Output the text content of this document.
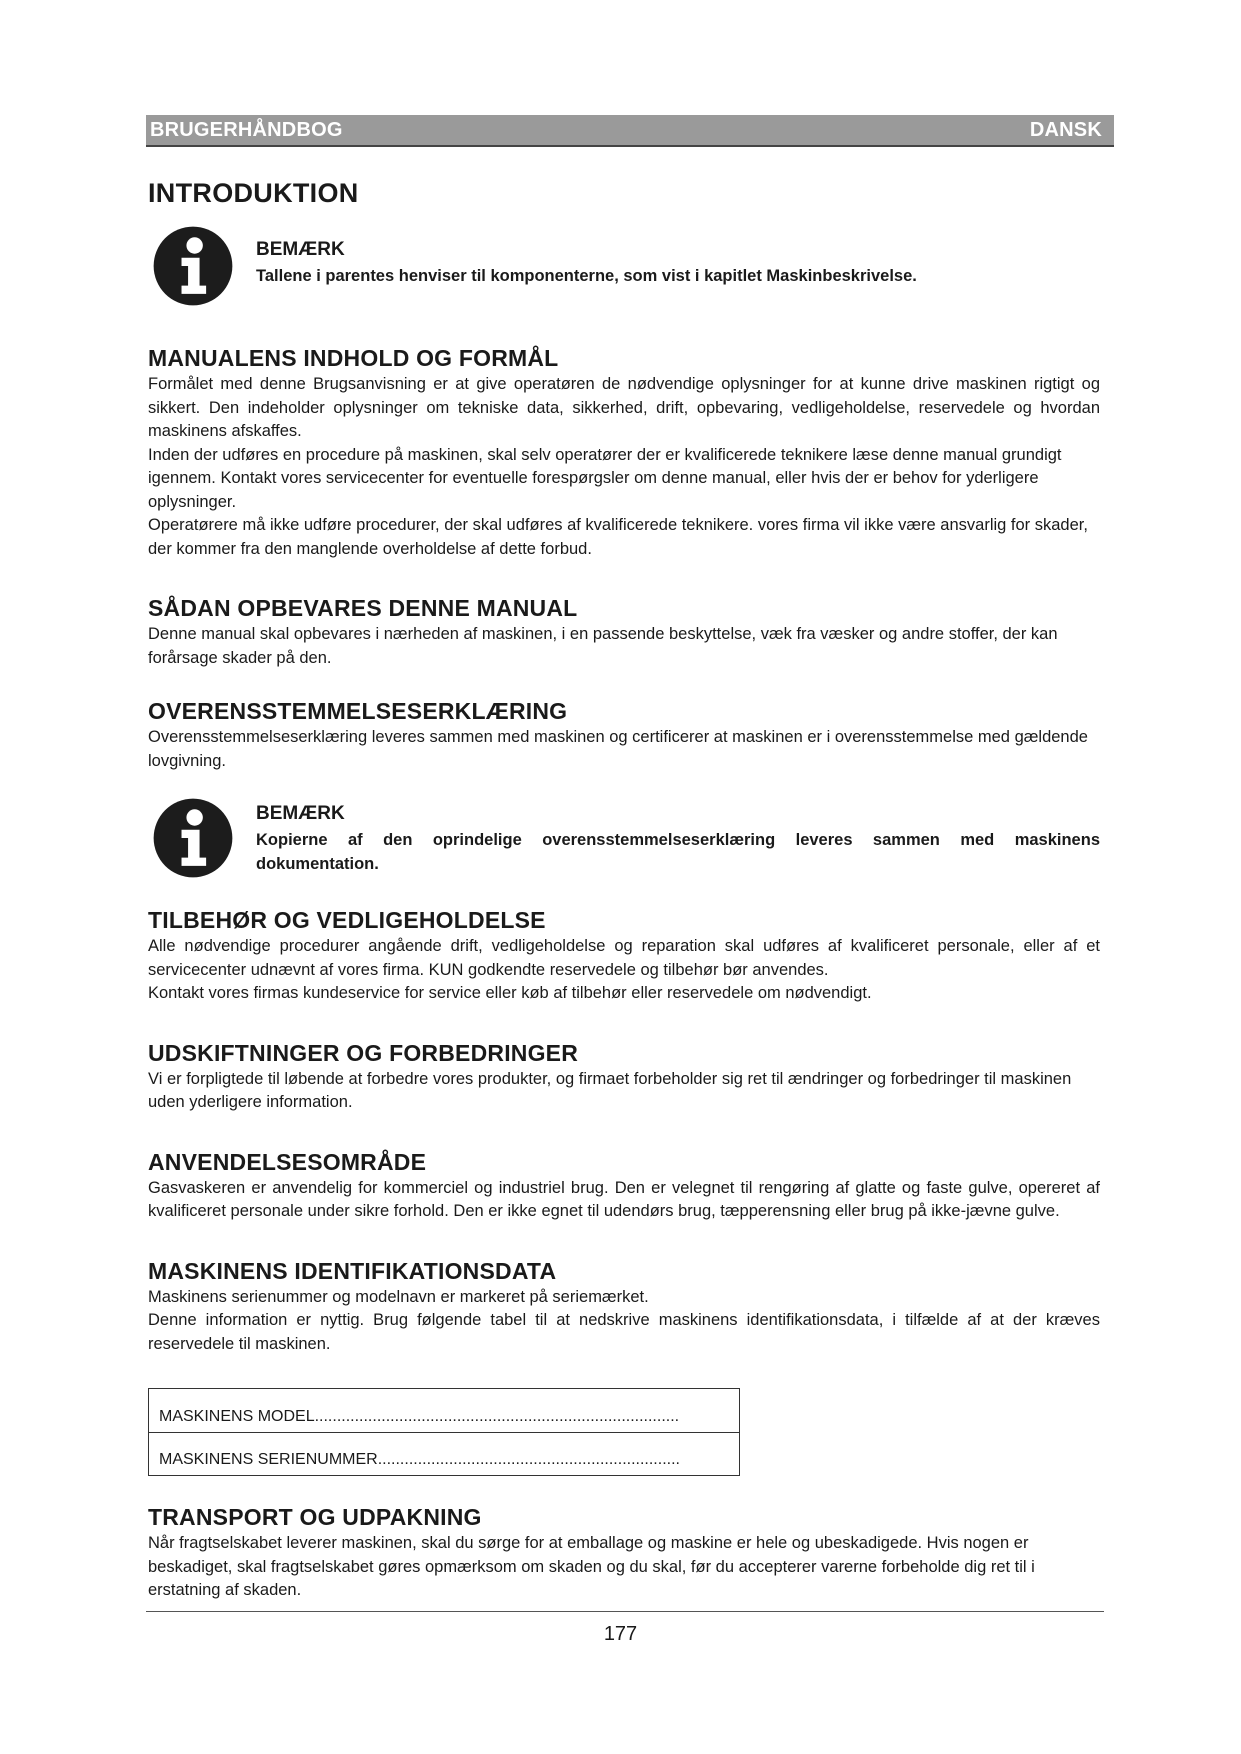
BRUGERHÅNDBOG	DANSK
INTRODUKTION
BEMÆRK
Tallene i parentes henviser til komponenterne, som vist i kapitlet Maskinbeskrivelse.
MANUALENS INDHOLD OG FORMÅL

Formålet med denne Brugsanvisning er at give operatøren de nødvendige oplysninger for at kunne drive maskinen rigtigt og sikkert. Den indeholder oplysninger om tekniske data, sikkerhed, drift, opbevaring, vedligeholdelse, reservedele og hvordan maskinens afskaffes.

Inden der udføres en procedure på maskinen, skal selv operatører der er kvalificerede teknikere læse denne manual grundigt igennem. Kontakt vores servicecenter for eventuelle forespørgsler om denne manual, eller hvis der er behov for yderligere oplysninger.

Operatørere må ikke udføre procedurer, der skal udføres af kvalificerede teknikere. vores firma vil ikke være ansvarlig for skader, der kommer fra den manglende overholdelse af dette forbud.

SÅDAN OPBEVARES DENNE MANUAL

Denne manual skal opbevares i nærheden af maskinen, i en passende beskyttelse, væk fra væsker og andre stoffer, der kan forårsage skader på den.

OVERENSSTEMMELSESERKLÆRING

Overensstemmelseserklæring leveres sammen med maskinen og certificerer at maskinen er i overensstemmelse med gældende lovgivning.

BEMÆRK
Kopierne af den oprindelige overensstemmelseserklæring leveres sammen med maskinens dokumentation.
TILBEHØR OG VEDLIGEHOLDELSE

Alle nødvendige procedurer angående drift, vedligeholdelse og reparation skal udføres af kvalificeret personale, eller af et servicecenter udnævnt af vores firma. KUN godkendte reservedele og tilbehør bør anvendes.

Kontakt vores firmas kundeservice for service eller køb af tilbehør eller reservedele om nødvendigt.

UDSKIFTNINGER OG FORBEDRINGER

Vi er forpligtede til løbende at forbedre vores produkter, og firmaet forbeholder sig ret til ændringer og forbedringer til maskinen uden yderligere information.

ANVENDELSESOMRÅDE

Gasvaskeren er anvendelig for kommerciel og industriel brug. Den er velegnet til rengøring af glatte og faste gulve, opereret af kvalificeret personale under sikre forhold. Den er ikke egnet til udendørs brug, tæpperensning eller brug på ikke-jævne gulve.

MASKINENS IDENTIFIKATIONSDATA

Maskinens serienummer og modelnavn er markeret på seriemærket.

Denne information er nyttig. Brug følgende tabel til at nedskrive maskinens identifikationsdata, i tilfælde af at der kræves reservedele til maskinen.

MASKINENS MODEL..................................................................................
MASKINENS SERIENUMMER....................................................................
TRANSPORT OG UDPAKNING

Når fragtselskabet leverer maskinen, skal du sørge for at emballage og maskine er hele og ubeskadigede. Hvis nogen er beskadiget, skal fragtselskabet gøres opmærksom om skaden og du skal, før du accepterer varerne forbeholde dig ret til i erstatning af skaden.

177
